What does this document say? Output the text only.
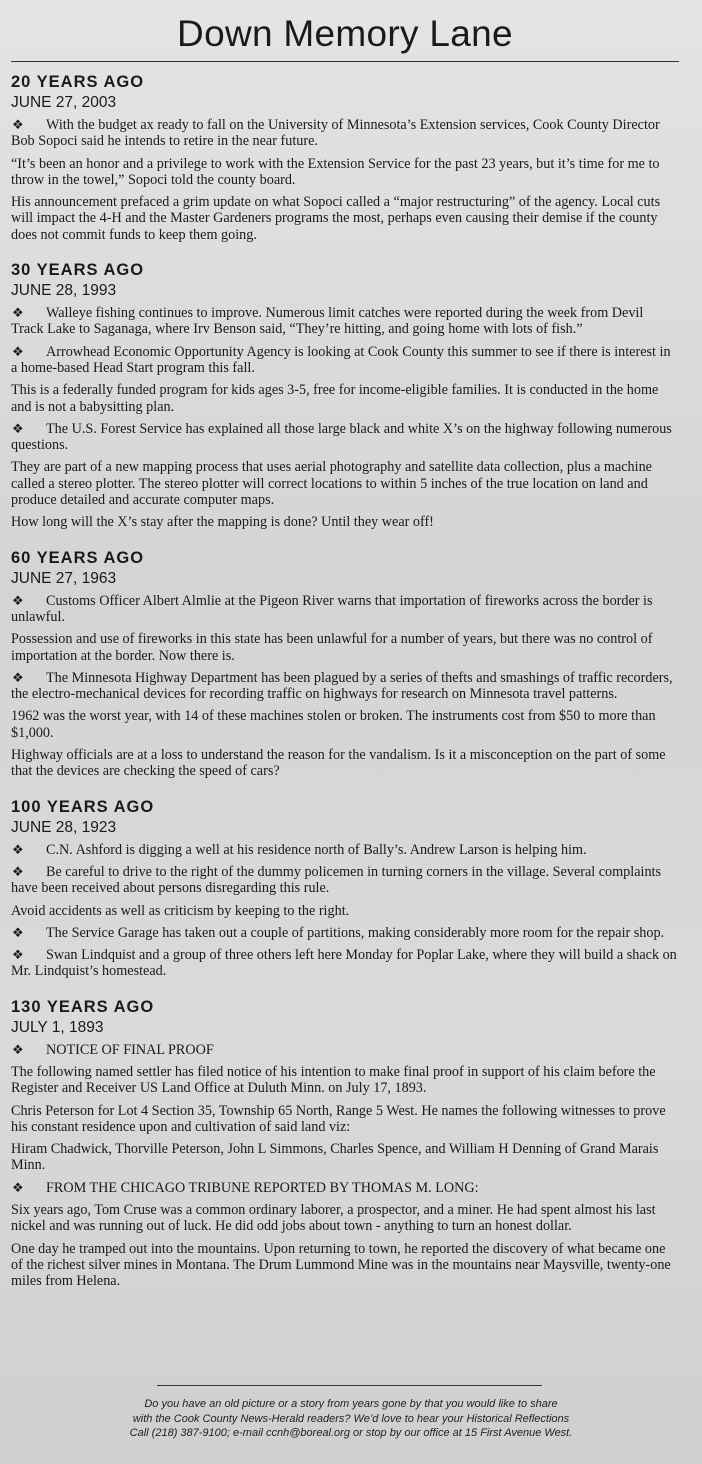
Down Memory Lane
20 YEARS AGO
JUNE 27, 2003

❖ With the budget ax ready to fall on the University of Minnesota’s Extension services, Cook County Director Bob Sopoci said he intends to retire in the near future.

“It’s been an honor and a privilege to work with the Extension Service for the past 23 years, but it’s time for me to throw in the towel,” Sopoci told the county board.

His announcement prefaced a grim update on what Sopoci called a “major restructuring” of the agency. Local cuts will impact the 4-H and the Master Gardeners programs the most, perhaps even causing their demise if the county does not commit funds to keep them going.

30 YEARS AGO
JUNE 28, 1993

❖ Walleye fishing continues to improve. Numerous limit catches were reported during the week from Devil Track Lake to Saganaga, where Irv Benson said, “They’re hitting, and going home with lots of fish.”

❖ Arrowhead Economic Opportunity Agency is looking at Cook County this summer to see if there is interest in a home-based Head Start program this fall.

This is a federally funded program for kids ages 3-5, free for income-eligible families. It is conducted in the home and is not a babysitting plan.

❖ The U.S. Forest Service has explained all those large black and white X’s on the highway following numerous questions.

They are part of a new mapping process that uses aerial photography and satellite data collection, plus a machine called a stereo plotter. The stereo plotter will correct locations to within 5 inches of the true location on land and produce detailed and accurate computer maps.

How long will the X’s stay after the mapping is done? Until they wear off!

60 YEARS AGO
JUNE 27, 1963

❖ Customs Officer Albert Almlie at the Pigeon River warns that importation of fireworks across the border is unlawful.

Possession and use of fireworks in this state has been unlawful for a number of years, but there was no control of importation at the border. Now there is.

❖ The Minnesota Highway Department has been plagued by a series of thefts and smashings of traffic recorders, the electro-mechanical devices for recording traffic on highways for research on Minnesota travel patterns.

1962 was the worst year, with 14 of these machines stolen or broken. The instruments cost from $50 to more than $1,000.

Highway officials are at a loss to understand the reason for the vandalism. Is it a misconception on the part of some that the devices are checking the speed of cars?

100 YEARS AGO
JUNE 28, 1923

❖ C.N. Ashford is digging a well at his residence north of Bally’s. Andrew Larson is helping him.

❖ Be careful to drive to the right of the dummy policemen in turning corners in the village. Several complaints have been received about persons disregarding this rule.

Avoid accidents as well as criticism by keeping to the right.

❖ The Service Garage has taken out a couple of partitions, making considerably more room for the repair shop.

❖ Swan Lindquist and a group of three others left here Monday for Poplar Lake, where they will build a shack on Mr. Lindquist’s homestead.

130 YEARS AGO
JULY 1, 1893

❖ NOTICE OF FINAL PROOF

The following named settler has filed notice of his intention to make final proof in support of his claim before the Register and Receiver US Land Office at Duluth Minn. on July 17, 1893.

Chris Peterson for Lot 4 Section 35, Township 65 North, Range 5 West. He names the following witnesses to prove his constant residence upon and cultivation of said land viz:

Hiram Chadwick, Thorville Peterson, John L Simmons, Charles Spence, and William H Denning of Grand Marais Minn.

❖ FROM THE CHICAGO TRIBUNE REPORTED BY THOMAS M. LONG:

Six years ago, Tom Cruse was a common ordinary laborer, a prospector, and a miner. He had spent almost his last nickel and was running out of luck. He did odd jobs about town - anything to turn an honest dollar.

One day he tramped out into the mountains. Upon returning to town, he reported the discovery of what became one of the richest silver mines in Montana. The Drum Lummond Mine was in the mountains near Maysville, twenty-one miles from Helena.

Do you have an old picture or a story from years gone by that you would like to share
with the Cook County News-Herald readers? We’d love to hear your Historical Reflections
Call (218) 387-9100; e-mail ccnh@boreal.org or stop by our office at 15 First Avenue West.
